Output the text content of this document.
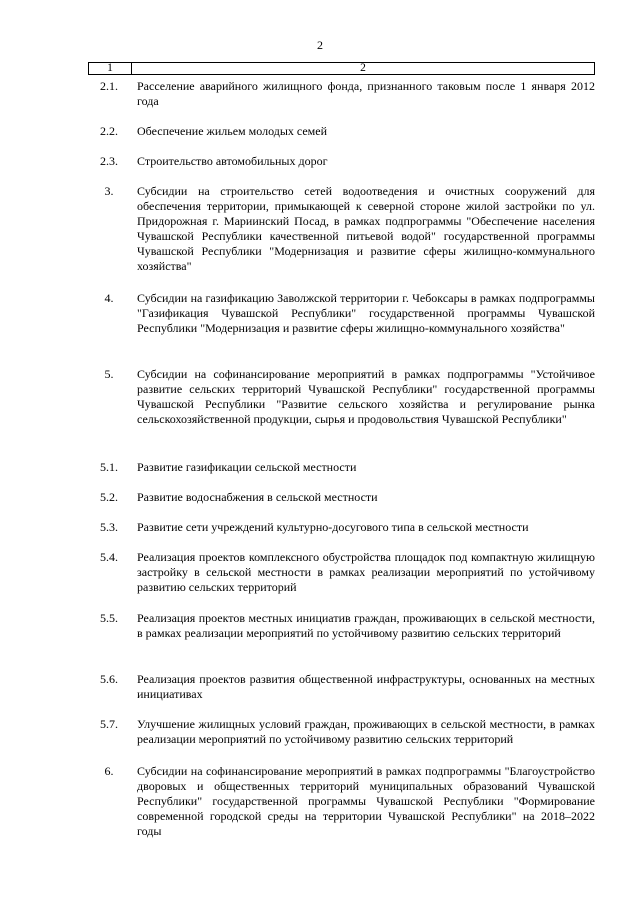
2
1	2
2.1.	Расселение аварийного жилищного фонда, признанного таковым после 1 января 2012 года
2.2.	Обеспечение жильем молодых семей
2.3.	Строительство автомобильных дорог
3.	Субсидии на строительство сетей водоотведения и очистных сооружений для обеспечения территории, примыкающей к северной стороне жилой застройки по ул. Придорожная г. Мариинский Посад, в рамках подпрограммы "Обеспечение населения Чувашской Республики качественной питьевой водой" государственной программы Чувашской Республики "Модернизация и развитие сферы жилищно-коммунального хозяйства"
4.	Субсидии на газификацию Заволжской территории г. Чебоксары в рамках подпрограммы "Газификация Чувашской Республики" государственной программы Чувашской Республики "Модернизация и развитие сферы жилищно-коммунального хозяйства"
5.	Субсидии на софинансирование мероприятий в рамках подпрограммы "Устойчивое развитие сельских территорий Чувашской Республики" государственной программы Чувашской Республики "Развитие сельского хозяйства и регулирование рынка сельскохозяйственной продукции, сырья и продовольствия Чувашской Республики"
5.1.	Развитие газификации сельской местности
5.2.	Развитие водоснабжения в сельской местности
5.3.	Развитие сети учреждений культурно-досугового типа в сельской местности
5.4.	Реализация проектов комплексного обустройства площадок под компактную жилищную застройку в сельской местности в рамках реализации мероприятий по устойчивому развитию сельских территорий
5.5.	Реализация проектов местных инициатив граждан, проживающих в сельской местности, в рамках реализации мероприятий по устойчивому развитию сельских территорий
5.6.	Реализация проектов развития общественной инфраструктуры, основанных на местных инициативах
5.7.	Улучшение жилищных условий граждан, проживающих в сельской местности, в рамках реализации мероприятий по устойчивому развитию сельских территорий
6.	Субсидии на софинансирование мероприятий в рамках подпрограммы "Благоустройство дворовых и общественных территорий муниципальных образований Чувашской Республики" государственной программы Чувашской Республики "Формирование современной городской среды на территории Чувашской Республики" на 2018–2022 годы
